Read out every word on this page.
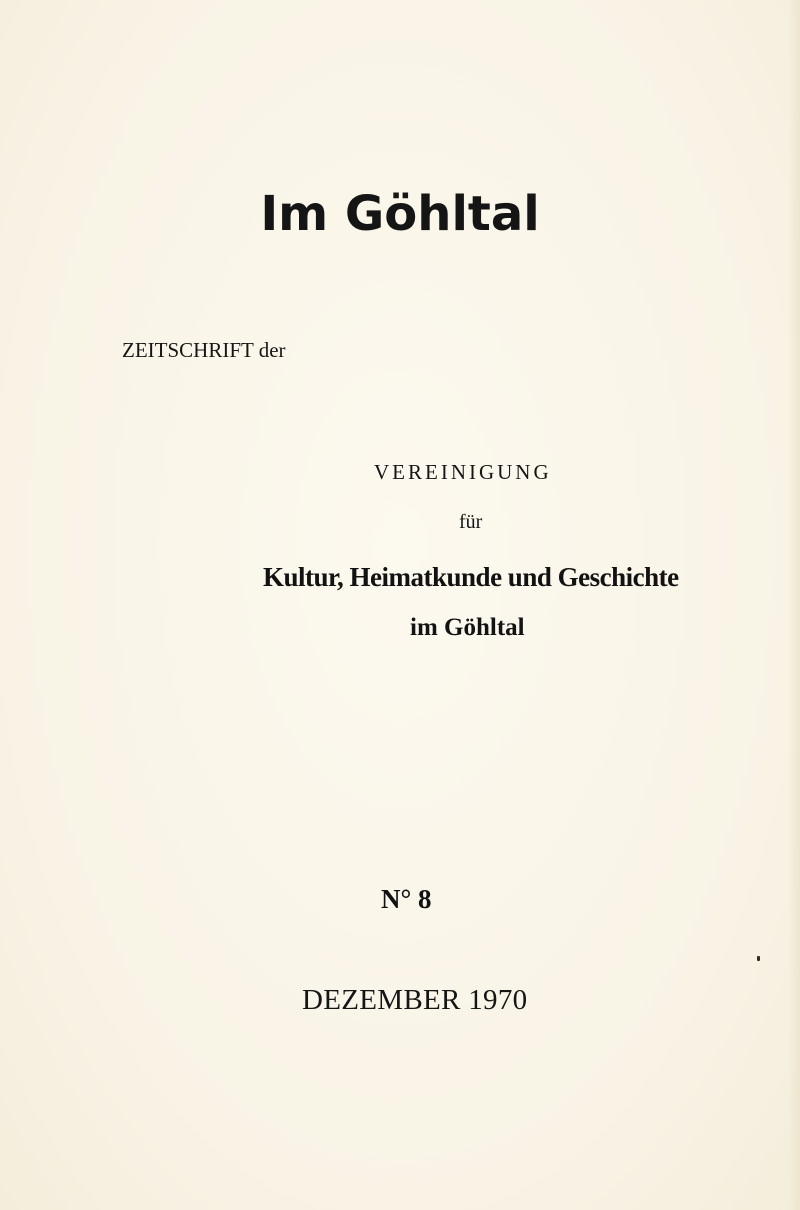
Im Göhltal
ZEITSCHRIFT der
VEREINIGUNG
für
Kultur, Heimatkunde und Geschichte
im Göhltal
N° 8
DEZEMBER 1970
